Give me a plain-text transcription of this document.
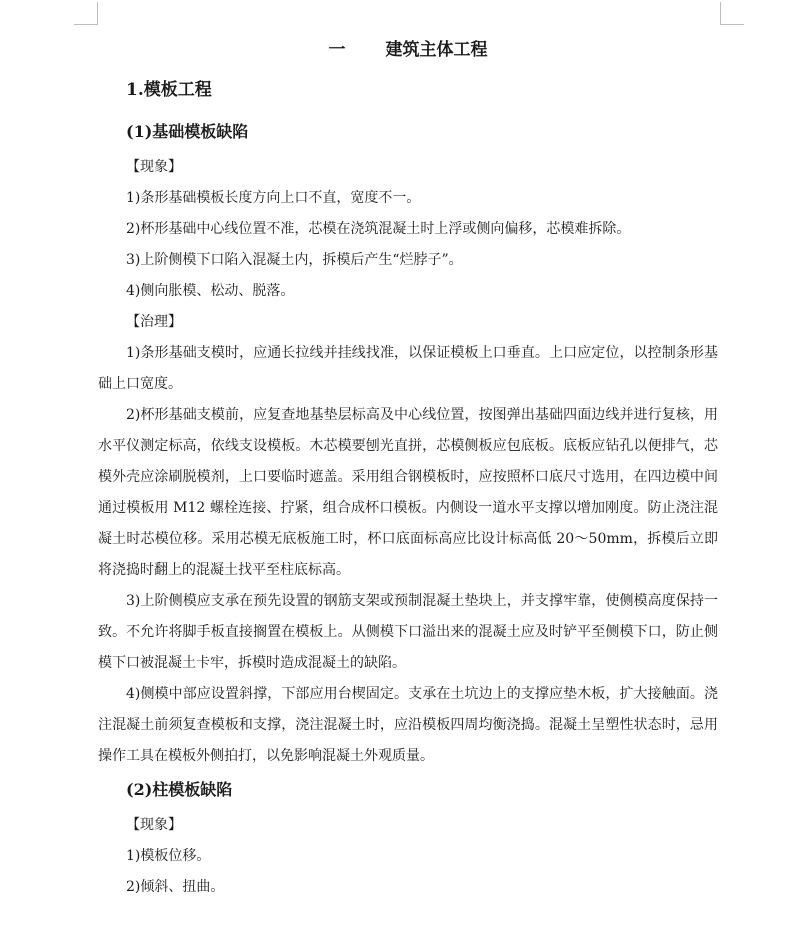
一 建筑主体工程
1.模板工程
(1)基础模板缺陷
【现象】
1)条形基础模板长度方向上口不直，宽度不一。
2)杯形基础中心线位置不准，芯模在浇筑混凝土时上浮或侧向偏移，芯模难拆除。
3)上阶侧模下口陷入混凝土内，拆模后产生“烂脖子”。
4)侧向胀模、松动、脱落。
【治理】

1)条形基础支模时，应通长拉线并挂线找准，以保证模板上口垂直。上口应定位，以控制条形基础上口宽度。

2)杯形基础支模前，应复查地基垫层标高及中心线位置，按图弹出基础四面边线并进行复核，用水平仪测定标高，依线支设模板。木芯模要刨光直拼，芯模侧板应包底板。底板应钻孔以便排气，芯模外壳应涂刷脱模剂，上口要临时遮盖。采用组合钢模板时，应按照杯口底尺寸选用，在四边模中间通过模板用 M12 螺栓连接、拧紧，组合成杯口模板。内侧设一道水平支撑以增加刚度。防止浇注混凝土时芯模位移。采用芯模无底板施工时，杯口底面标高应比设计标高低 20～50mm，拆模后立即将浇捣时翻上的混凝土找平至柱底标高。

3)上阶侧模应支承在预先设置的钢筋支架或预制混凝土垫块上，并支撑牢靠，使侧模高度保持一致。不允许将脚手板直接搁置在模板上。从侧模下口溢出来的混凝土应及时铲平至侧模下口，防止侧模下口被混凝土卡牢，拆模时造成混凝土的缺陷。

4)侧模中部应设置斜撑，下部应用台楔固定。支承在土坑边上的支撑应垫木板，扩大接触面。浇注混凝土前须复查模板和支撑，浇注混凝土时，应沿模板四周均衡浇捣。混凝土呈塑性状态时，忌用操作工具在模板外侧拍打，以免影响混凝土外观质量。

(2)柱模板缺陷
【现象】
1)模板位移。
2)倾斜、扭曲。
